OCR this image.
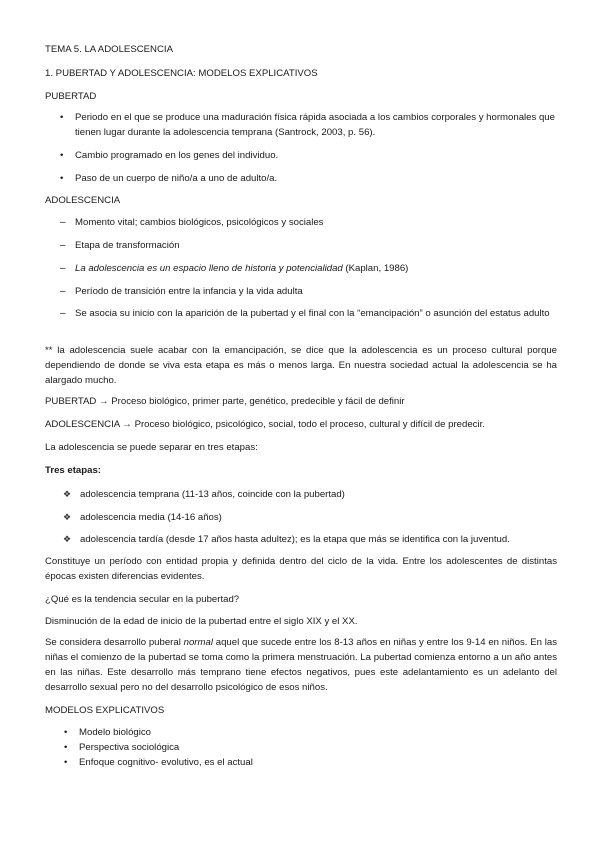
TEMA 5. LA ADOLESCENCIA
1. PUBERTAD Y ADOLESCENCIA: MODELOS EXPLICATIVOS
PUBERTAD
•	Periodo en el que se produce una maduración física rápida asociada a los cambios corporales y hormonales que tienen lugar durante la adolescencia temprana (Santrock, 2003, p. 56).
•	Cambio programado en los genes del individuo.
•	Paso de un cuerpo de niño/a a uno de adulto/a.
ADOLESCENCIA
– Momento vital; cambios biológicos, psicológicos y sociales
– Etapa de transformación
– La adolescencia es un espacio lleno de historia y potencialidad (Kaplan, 1986)
– Período de transición entre la infancia y la vida adulta
– Se asocia su inicio con la aparición de la pubertad y el final con la “emancipación” o asunción del estatus adulto
** la adolescencia suele acabar con la emancipación, se dice que la adolescencia es un proceso cultural porque dependiendo de donde se viva esta etapa es más o menos larga. En nuestra sociedad actual la adolescencia se ha alargado mucho.
PUBERTAD → Proceso biológico, primer parte, genético, predecible y fácil de definir
ADOLESCENCIA → Proceso biológico, psicológico, social, todo el proceso, cultural y difícil de predecir.
La adolescencia se puede separar en tres etapas:
Tres etapas:
❖ adolescencia temprana (11-13 años, coincide con la pubertad)
❖ adolescencia media (14-16 años)
❖ adolescencia tardía (desde 17 años hasta adultez); es la etapa que más se identifica con la juventud.
Constituye un período con entidad propia y definida dentro del ciclo de la vida. Entre los adolescentes de distintas épocas existen diferencias evidentes.
¿Qué es la tendencia secular en la pubertad?
Disminución de la edad de inicio de la pubertad entre el siglo XIX y el XX.
Se considera desarrollo puberal normal aquel que sucede entre los 8-13 años en niñas y entre los 9-14 en niños. En las niñas el comienzo de la pubertad se toma como la primera menstruación. La pubertad comienza entorno a un año antes en las niñas. Este desarrollo más temprano tiene efectos negativos, pues este adelantamiento es un adelanto del desarrollo sexual pero no del desarrollo psicológico de esos niños.
MODELOS EXPLICATIVOS
•	Modelo biológico
•	Perspectiva sociológica
•	Enfoque cognitivo- evolutivo, es el actual
